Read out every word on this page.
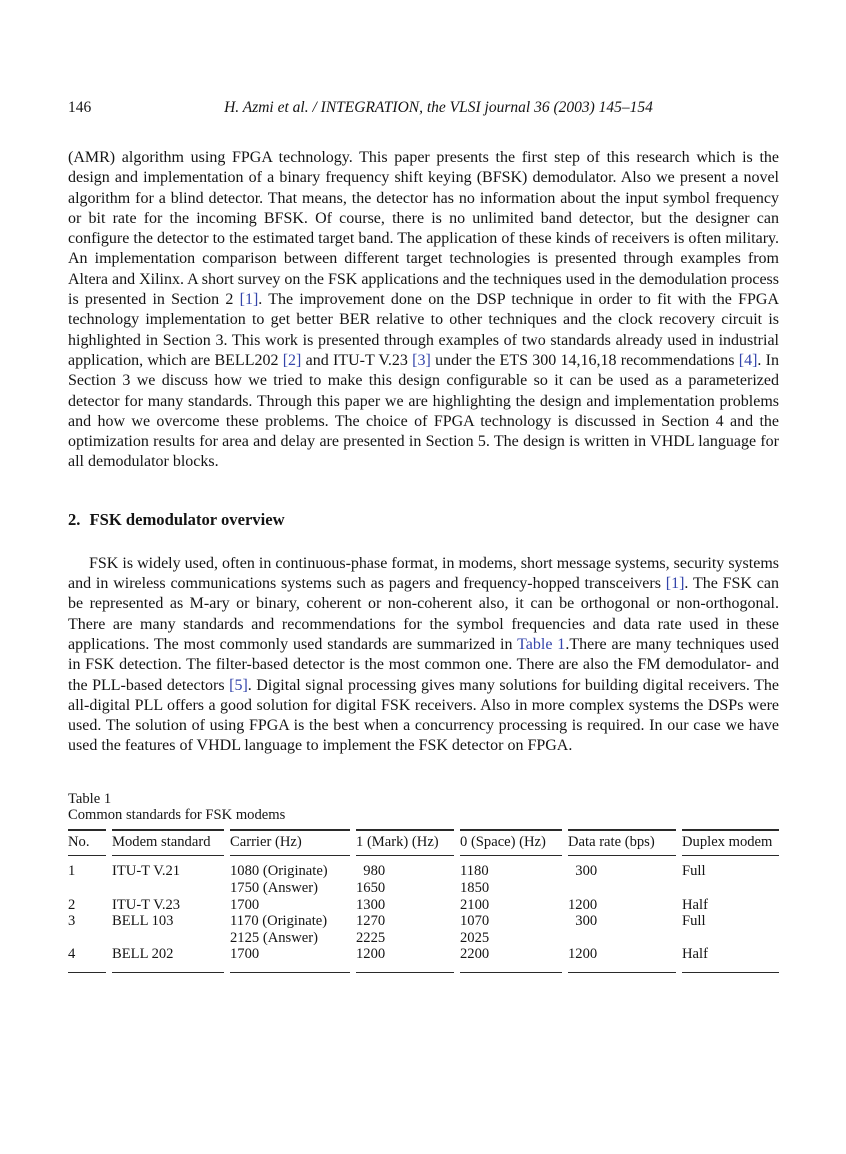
146	H. Azmi et al. / INTEGRATION, the VLSI journal 36 (2003) 145–154

(AMR) algorithm using FPGA technology. This paper presents the first step of this research which is the design and implementation of a binary frequency shift keying (BFSK) demodulator. Also we present a novel algorithm for a blind detector. That means, the detector has no information about the input symbol frequency or bit rate for the incoming BFSK. Of course, there is no unlimited band detector, but the designer can configure the detector to the estimated target band. The application of these kinds of receivers is often military. An implementation comparison between different target technologies is presented through examples from Altera and Xilinx. A short survey on the FSK applications and the techniques used in the demodulation process is presented in Section 2 [1]. The improvement done on the DSP technique in order to fit with the FPGA technology implementation to get better BER relative to other techniques and the clock recovery circuit is highlighted in Section 3. This work is presented through examples of two standards already used in industrial application, which are BELL202 [2] and ITU-T V.23 [3] under the ETS 300 14,16,18 recommendations [4]. In Section 3 we discuss how we tried to make this design configurable so it can be used as a parameterized detector for many standards. Through this paper we are highlighting the design and implementation problems and how we overcome these problems. The choice of FPGA technology is discussed in Section 4 and the optimization results for area and delay are presented in Section 5. The design is written in VHDL language for all demodulator blocks.

2. FSK demodulator overview

FSK is widely used, often in continuous-phase format, in modems, short message systems, security systems and in wireless communications systems such as pagers and frequency-hopped transceivers [1]. The FSK can be represented as M-ary or binary, coherent or non-coherent also, it can be orthogonal or non-orthogonal. There are many standards and recommendations for the symbol frequencies and data rate used in these applications. The most commonly used standards are summarized in Table 1.There are many techniques used in FSK detection. The filter-based detector is the most common one. There are also the FM demodulator- and the PLL-based detectors [5]. Digital signal processing gives many solutions for building digital receivers. The all-digital PLL offers a good solution for digital FSK receivers. Also in more complex systems the DSPs were used. The solution of using FPGA is the best when a concurrency processing is required. In our case we have used the features of VHDL language to implement the FSK detector on FPGA.

Table 1
Common standards for FSK modems
No.	Modem standard	Carrier (Hz)	1 (Mark) (Hz)	0 (Space) (Hz)	Data rate (bps)	Duplex modem
1	ITU-T V.21	1080 (Originate)	980	1180	300	Full
		1750 (Answer)	1650	1850		
2	ITU-T V.23	1700	1300	2100	1200	Half
3	BELL 103	1170 (Originate)	1270	1070	300	Full
		2125 (Answer)	2225	2025		
4	BELL 202	1700	1200	2200	1200	Half
